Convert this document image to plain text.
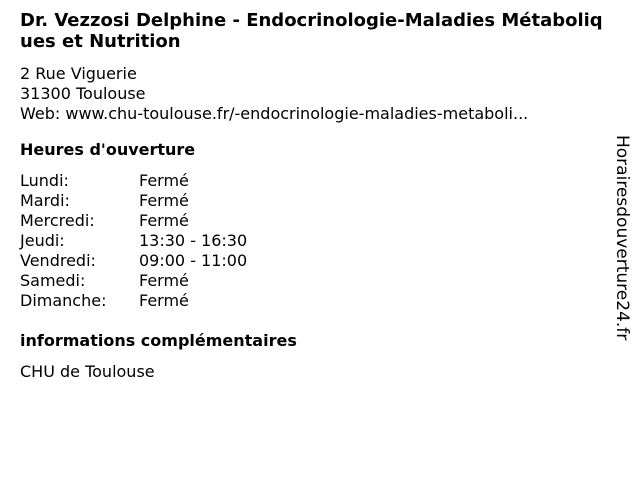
Dr. Vezzosi Delphine - Endocrinologie-Maladies Métaboliques et Nutrition
2 Rue Viguerie
31300 Toulouse
Web: www.chu-toulouse.fr/-endocrinologie-maladies-metaboli...
Heures d'ouverture
Lundi:	Fermé
Mardi:	Fermé
Mercredi:	Fermé
Jeudi:	13:30 - 16:30
Vendredi:	09:00 - 11:00
Samedi:	Fermé
Dimanche:	Fermé
informations complémentaires
CHU de Toulouse
Horairesdouverture24.fr
